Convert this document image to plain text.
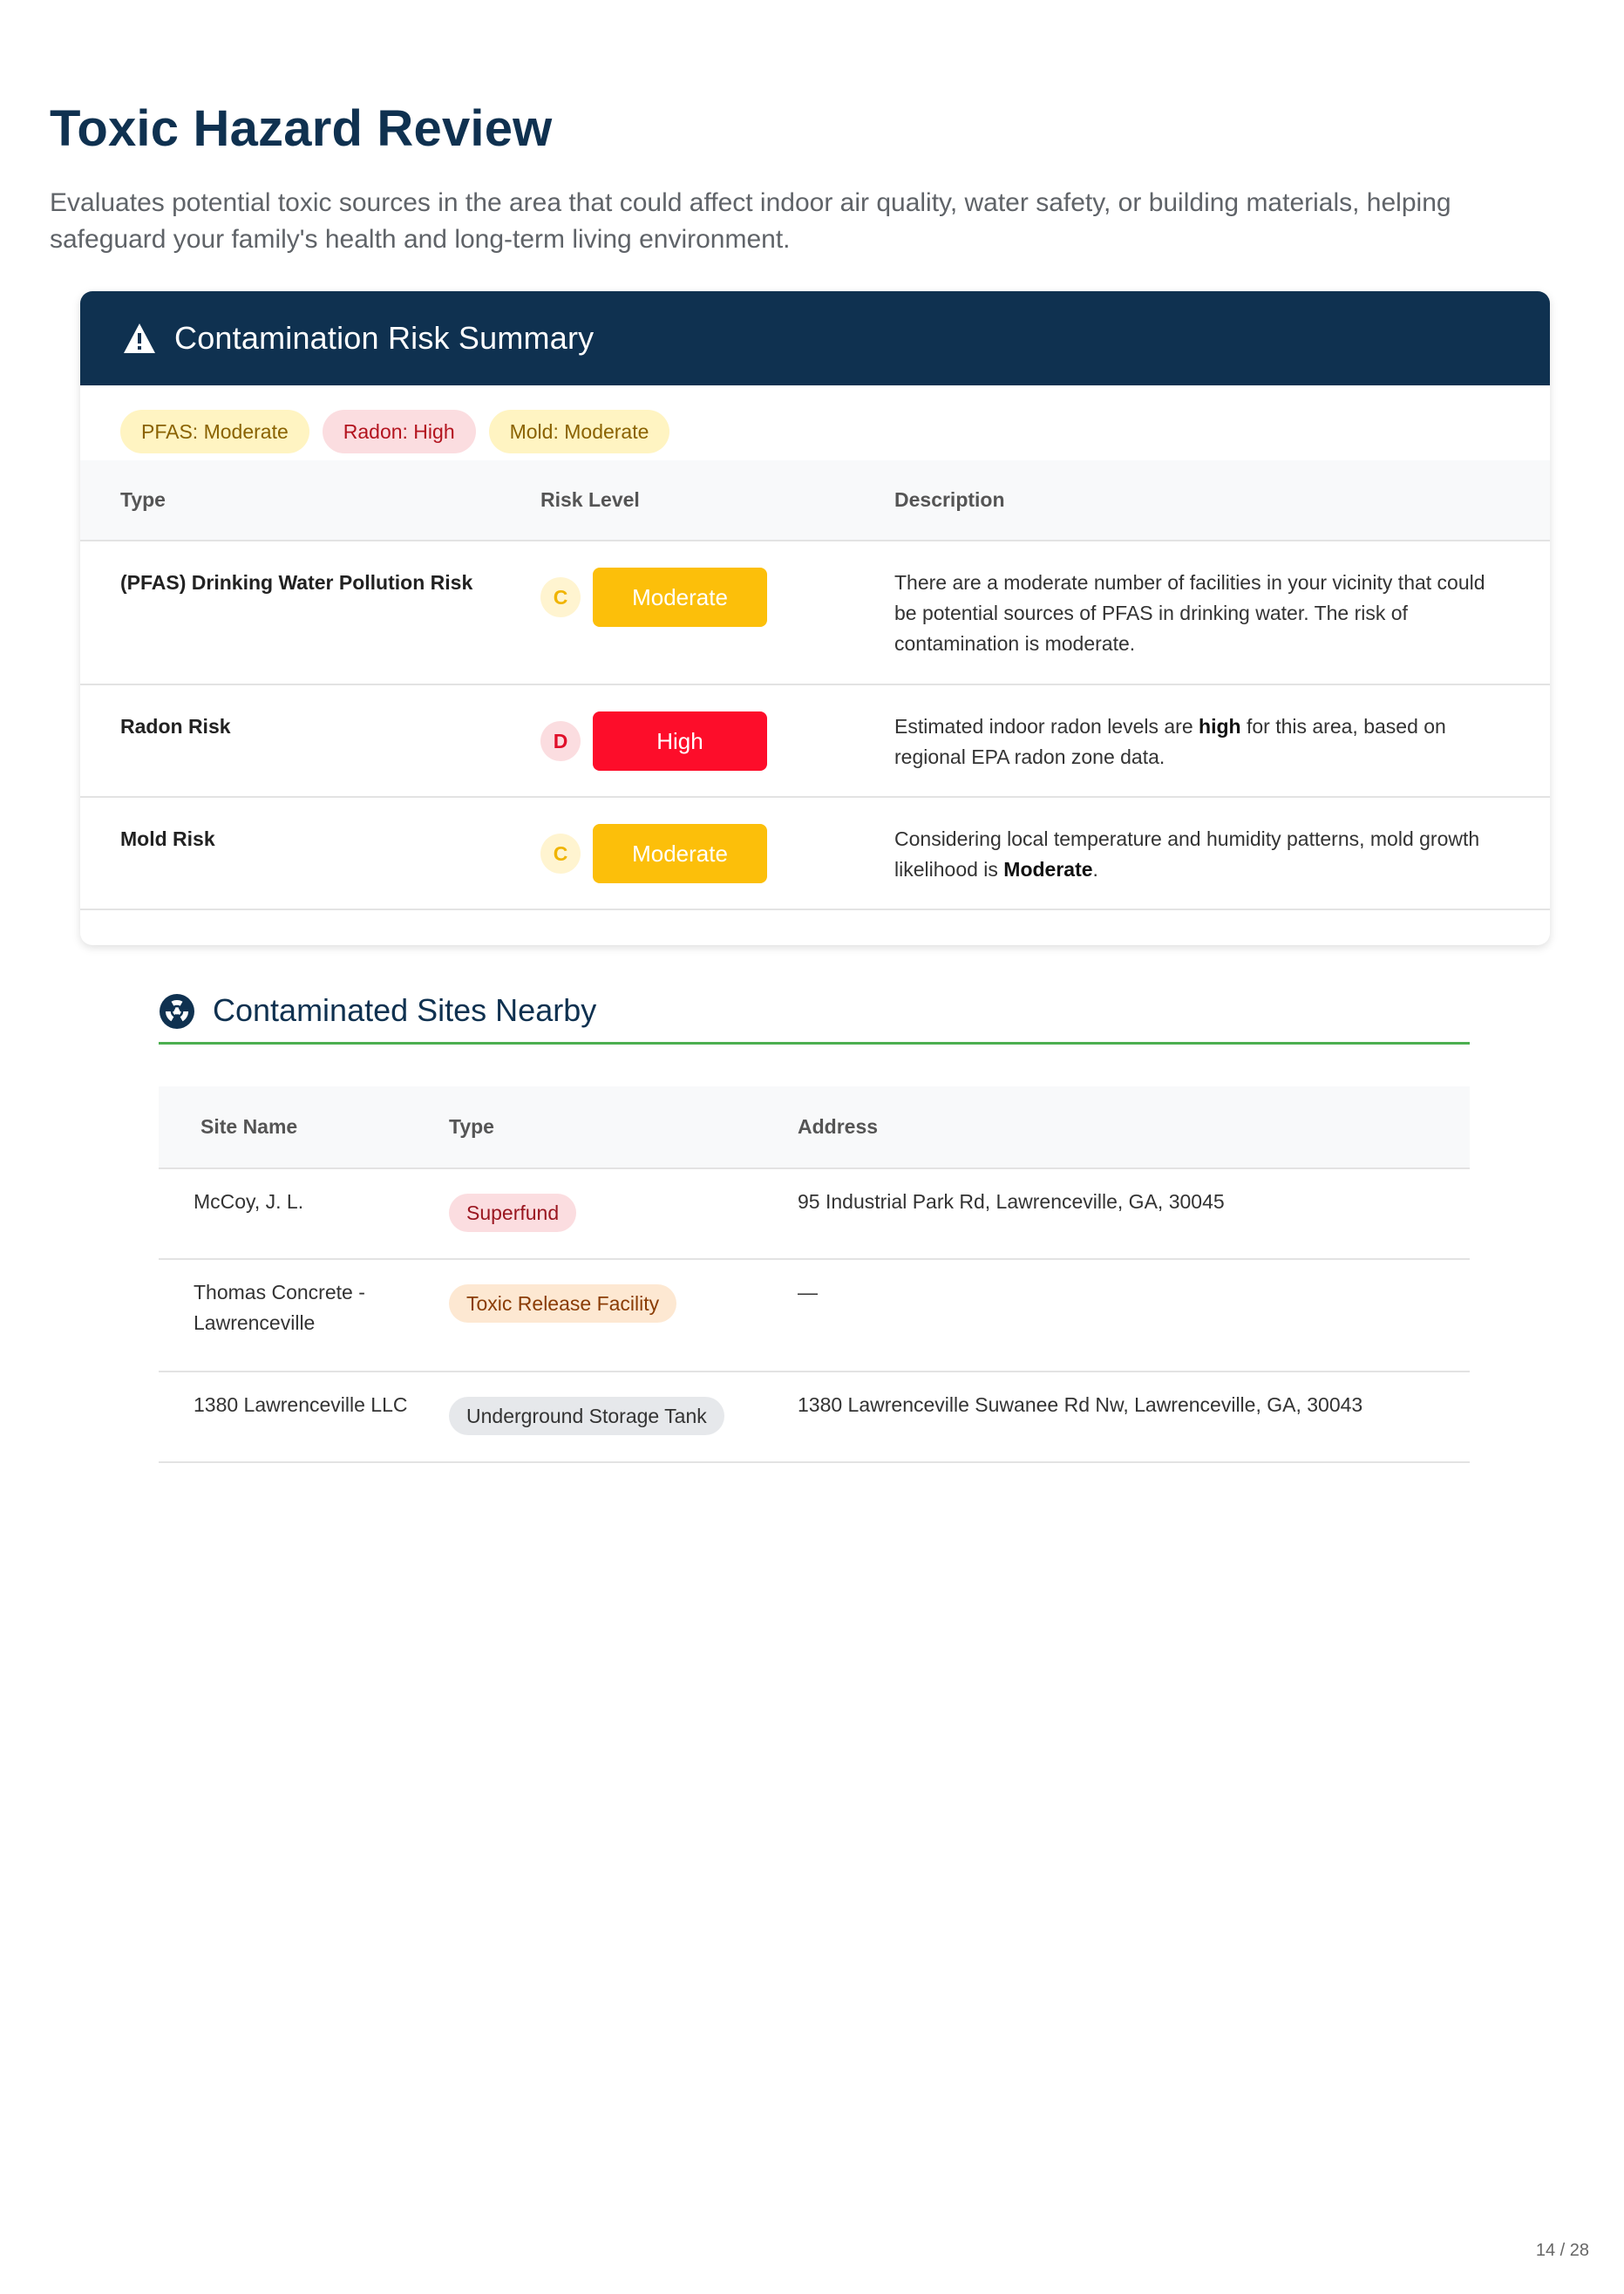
Toxic Hazard Review

Evaluates potential toxic sources in the area that could affect indoor air quality, water safety, or building materials, helping safeguard your family's health and long-term living environment.

Contamination Risk Summary
PFAS: Moderate	Radon: High	Mold: Moderate
Type	Risk Level	Description
(PFAS) Drinking Water Pollution Risk	C Moderate	There are a moderate number of facilities in your vicinity that could be potential sources of PFAS in drinking water. The risk of contamination is moderate.
Radon Risk	D High	Estimated indoor radon levels are high for this area, based on regional EPA radon zone data.
Mold Risk	C Moderate	Considering local temperature and humidity patterns, mold growth likelihood is Moderate.
Contaminated Sites Nearby
Site Name	Type	Address
McCoy, J. L.	Superfund	95 Industrial Park Rd, Lawrenceville, GA, 30045
Thomas Concrete - Lawrenceville	Toxic Release Facility	—
1380 Lawrenceville LLC	Underground Storage Tank	1380 Lawrenceville Suwanee Rd Nw, Lawrenceville, GA, 30043
14 / 28
